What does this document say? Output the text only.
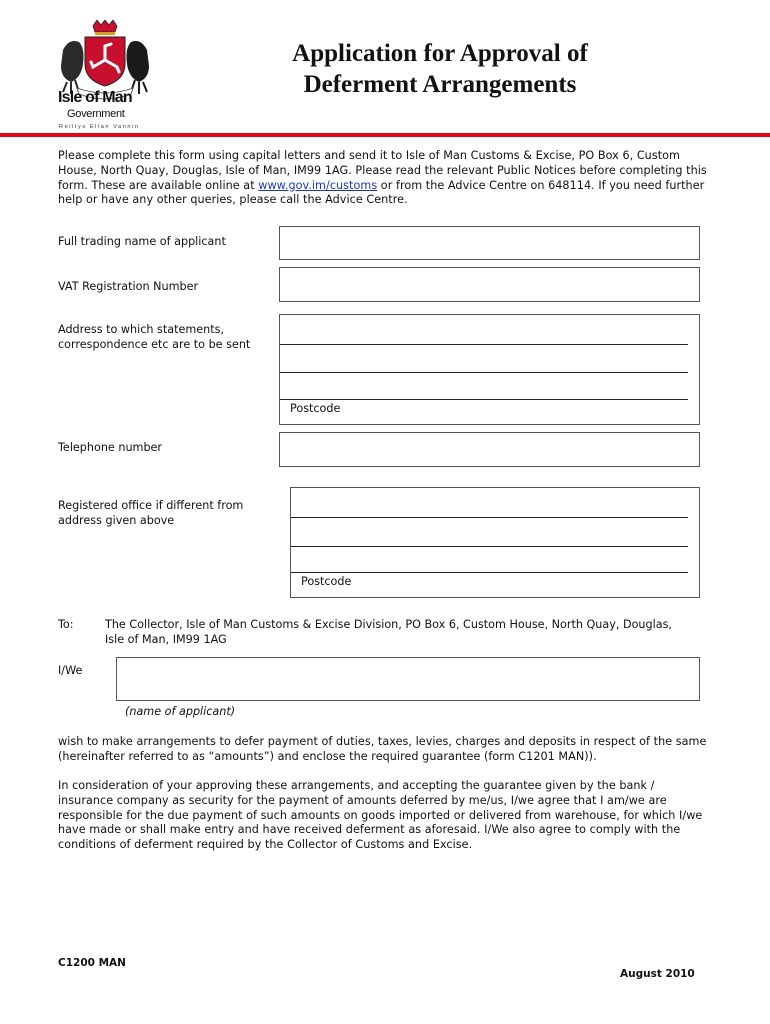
Isle of Man
Government
Reiltys Ellan Vannin
Application for Approval of
Deferment Arrangements
Please complete this form using capital letters and send it to Isle of Man Customs & Excise, PO Box 6, Custom House, North Quay, Douglas, Isle of Man, IM99 1AG. Please read the relevant Public Notices before completing this form. These are available online at www.gov.im/customs or from the Advice Centre on 648114. If you need further help or have any other queries, please call the Advice Centre.
Full trading name of applicant
VAT Registration Number
Address to which statements,
correspondence etc are to be sent
Postcode
Telephone number
Registered office if different from
address given above
Postcode
To:	The Collector, Isle of Man Customs & Excise Division, PO Box 6, Custom House, North Quay, Douglas,
Isle of Man, IM99 1AG
I/We
(name of applicant)
wish to make arrangements to defer payment of duties, taxes, levies, charges and deposits in respect of the same (hereinafter referred to as “amounts”) and enclose the required guarantee (form C1201 MAN)).
In consideration of your approving these arrangements, and accepting the guarantee given by the bank / insurance company as security for the payment of amounts deferred by me/us, I/we agree that I am/we are responsible for the due payment of such amounts on goods imported or delivered from warehouse, for which I/we have made or shall make entry and have received deferment as aforesaid. I/We also agree to comply with the conditions of deferment required by the Collector of Customs and Excise.
C1200 MAN
August 2010
